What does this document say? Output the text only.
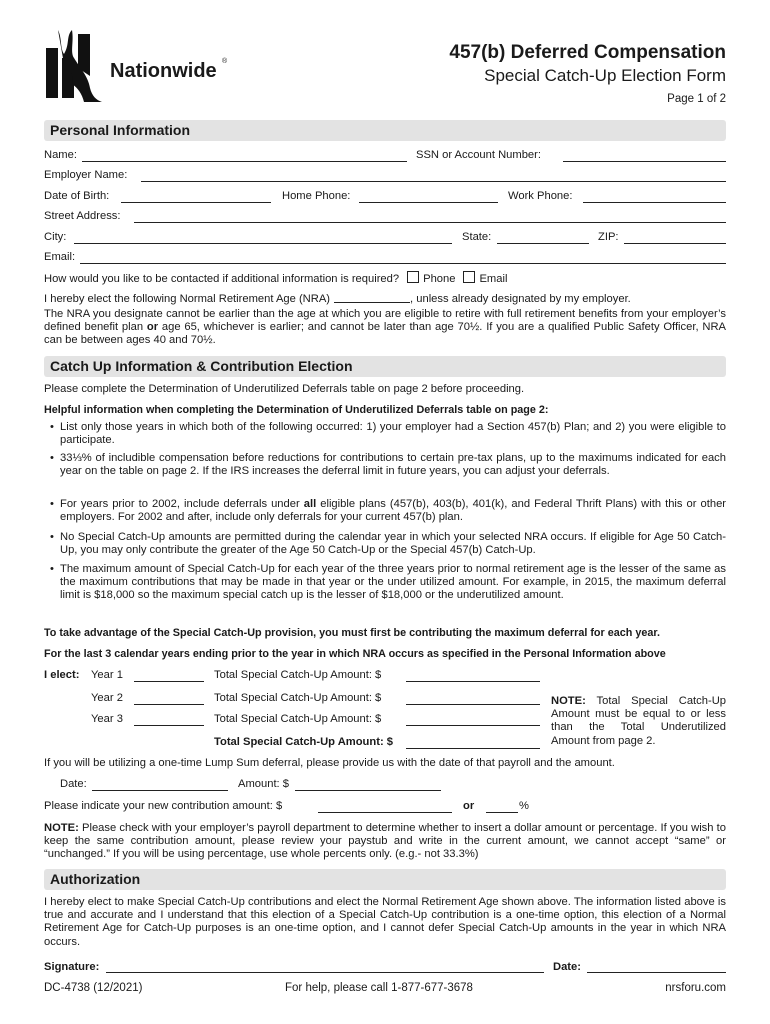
Nationwide ®	457(b) Deferred Compensation
Special Catch-Up Election Form
Page 1 of 2
Personal Information
Name:	SSN or Account Number:
Employer Name:
Date of Birth:	Home Phone:	Work Phone:
Street Address:
City:	State:	ZIP:
Email:
How would you like to be contacted if additional information is required? Phone Email
I hereby elect the following Normal Retirement Age (NRA)	, unless already designated by my employer.
The NRA you designate cannot be earlier than the age at which you are eligible to retire with full retirement benefits from your employer’s defined benefit plan or age 65, whichever is earlier; and cannot be later than age 70½. If you are a qualified Public Safety Officer, NRA can be between ages 40 and 70½.
Catch Up Information & Contribution Election
Please complete the Determination of Underutilized Deferrals table on page 2 before proceeding.
Helpful information when completing the Determination of Underutilized Deferrals table on page 2:
• List only those years in which both of the following occurred: 1) your employer had a Section 457(b) Plan; and 2) you were eligible to participate.
• 33⅓% of includible compensation before reductions for contributions to certain pre-tax plans, up to the maximums indicated for each year on the table on page 2. If the IRS increases the deferral limit in future years, you can adjust your deferrals.
• For years prior to 2002, include deferrals under all eligible plans (457(b), 403(b), 401(k), and Federal Thrift Plans) with this or other employers. For 2002 and after, include only deferrals for your current 457(b) plan.
• No Special Catch-Up amounts are permitted during the calendar year in which your selected NRA occurs. If eligible for Age 50 Catch-Up, you may only contribute the greater of the Age 50 Catch-Up or the Special 457(b) Catch-Up.
• The maximum amount of Special Catch-Up for each year of the three years prior to normal retirement age is the lesser of the same as the maximum contributions that may be made in that year or the under utilized amount. For example, in 2015, the maximum deferral limit is $18,000 so the maximum special catch up is the lesser of $18,000 or the underutilized amount.
To take advantage of the Special Catch-Up provision, you must first be contributing the maximum deferral for each year.
For the last 3 calendar years ending prior to the year in which NRA occurs as specified in the Personal Information above
I elect: Year 1	Total Special Catch-Up Amount: $
Year 2	Total Special Catch-Up Amount: $
Year 3	Total Special Catch-Up Amount: $
Total Special Catch-Up Amount: $
NOTE: Total Special Catch-Up Amount must be equal to or less than the Total Underutilized Amount from page 2.
If you will be utilizing a one-time Lump Sum deferral, please provide us with the date of that payroll and the amount.
Date:	Amount: $
Please indicate your new contribution amount: $	or	%
NOTE: Please check with your employer’s payroll department to determine whether to insert a dollar amount or percentage. If you wish to keep the same contribution amount, please review your paystub and write in the current amount, we cannot accept “same” or “unchanged.” If you will be using percentage, use whole percents only. (e.g.- not 33.3%)
Authorization
I hereby elect to make Special Catch-Up contributions and elect the Normal Retirement Age shown above. The information listed above is true and accurate and I understand that this election of a Special Catch-Up contribution is a one-time option, this election of a Normal Retirement Age for Catch-Up purposes is an one-time option, and I cannot defer Special Catch-Up amounts in the year in which NRA occurs.
Signature:	Date:
DC-4738 (12/2021)	For help, please call 1-877-677-3678	nrsforu.com
